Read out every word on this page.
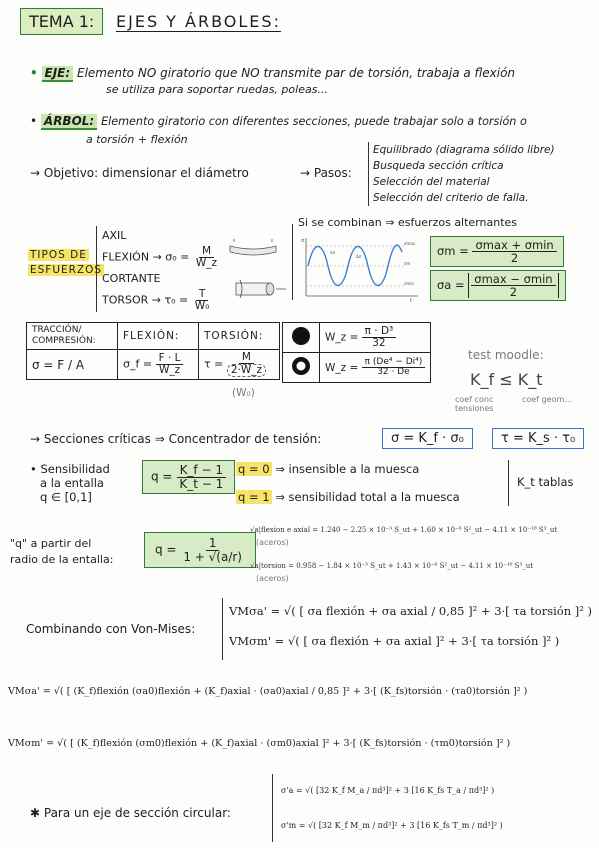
TEMA 1:	EJES Y ÁRBOLES:
• EJE: Elemento NO giratorio que NO transmite par de torsión, trabaja a flexión
se utiliza para soportar ruedas, poleas...
• ÁRBOL: Elemento giratorio con diferentes secciones, puede trabajar solo a torsión o
a torsión + flexión
→ Objetivo: dimensionar el diámetro	→ Pasos:
Equilibrado (diagrama sólido libre)
Busqueda sección crítica
Selección del material
Selección del criterio de falla.
TIPOS DE
ESFUERZOS
AXIL
FLEXIÓN → $\sigma_0 = \frac{M}{W\_z}$
CORTANTE
TORSOR → $\tau_0 = \frac{T}{\text{W₀}}$
Si se combinan ⇒ esfuerzos alternantes
σ
t
σmax
σm
σmin
σa
Δσ	$\sigma m = \frac{\sigma\max + \sigma\min}{2}$
$\sigma a = \frac{\sigma\max - \sigma\min}{2}$
TRACCIÓN/ COMPRESIÓN:	FLEXIÓN:	TORSIÓN:
σ = F / A	σ_f = $\frac{F \cdot L}{W\_z}$	$\tau = \frac{M}{2\cdot W\_z}$
(W₀)
	W_z = $\frac{\text{π · D³}}{32}$

	W_z = $\frac{\text{π (De⁴ − Di⁴)}}{32 \cdot De}$
test moodle:
K_f ≤ K_t
coef conc tensiones
coef geom...
→ Secciones críticas ⇒ Concentrador de tensión:	σ = K_f · σ₀	τ = K_s · τ₀
• Sensibilidad
a la entalla
q ∈ [0,1]
$q = \frac{K\_f - 1}{K\_t - 1}$ q = 0 ⇒ insensible a la muesca
q = 1 ⇒ sensibilidad total a la muesca
K_t tablas
"q" a partir del
radio de la entalla:
$q = \frac{1}{1 + √(a/r)}$
√a|flexion e axial = 1.240 − 2.25 × 10⁻³ S_ut + 1.60 × 10⁻⁶ S²_ut − 4.11 × 10⁻¹⁰ S³_ut
(aceros)
√a|torsion = 0.958 − 1.84 × 10⁻³ S_ut + 1.43 × 10⁻⁶ S²_ut − 4.11 × 10⁻¹⁰ S³_ut
(aceros)
Combinando con Von-Mises:
VMσa' = √( [ σa flexión + σa axial / 0,85 ]² + 3·[ τa torsión ]² )
VMσm' = √( [ σa flexión + σa axial ]² + 3·[ τa torsión ]² )
VMσa' = √( [ (K_f)flexión (σa0)flexión + (K_f)axial · (σa0)axial / 0,85 ]² + 3·[ (K_fs)torsión · (τa0)torsión ]² )
VMσm' = √( [ (K_f)flexión (σm0)flexión + (K_f)axial · (σm0)axial ]² + 3·[ (K_fs)torsión · (τm0)torsión ]² )
✱ Para un eje de sección circular:
σ'a = √( [32 K_f M_a / πd³]² + 3 [16 K_fs T_a / πd³]² )
σ'm = √( [32 K_f M_m / πd³]² + 3 [16 K_fs T_m / πd³]² )
